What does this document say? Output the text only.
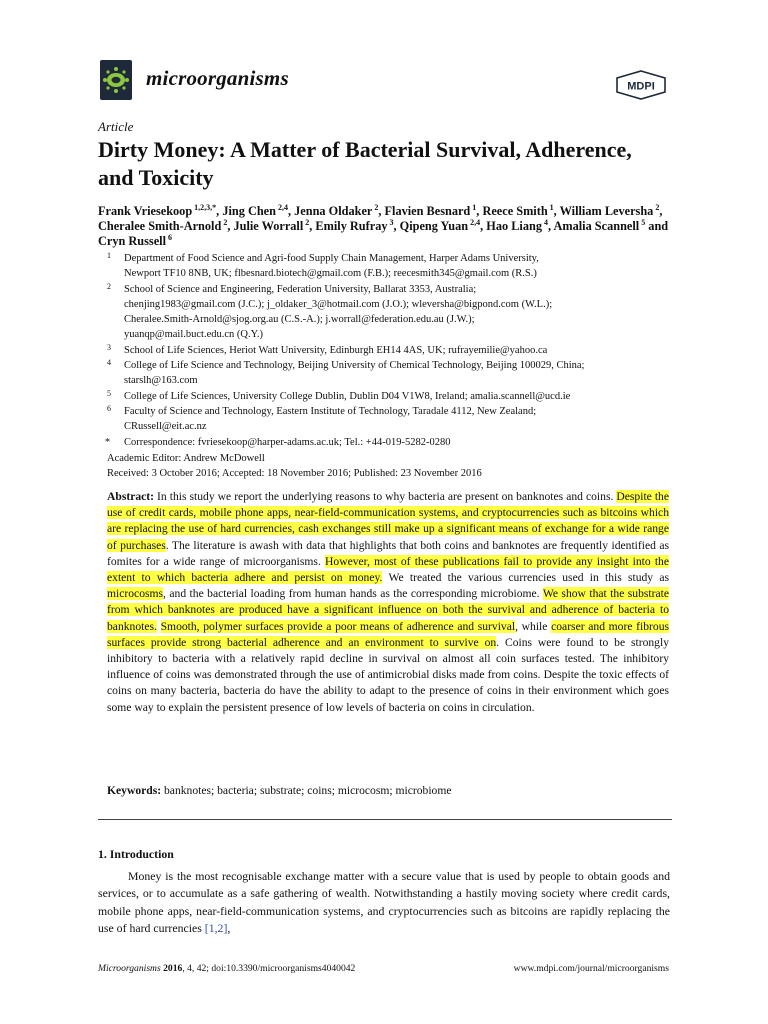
microorganisms	MDPI
Article
Dirty Money: A Matter of Bacterial Survival, Adherence, and Toxicity
Frank Vriesekoop $^{1,2,3,*}$, Jing Chen $^{2,4}$, Jenna Oldaker $^2$, Flavien Besnard $^1$, Reece Smith $^1$, William Leversha $^2$, Cheralee Smith-Arnold $^2$, Julie Worrall $^2$, Emily Rufray $^3$, Qipeng Yuan $^{2,4}$, Hao Liang $^4$, Amalia Scannell $^5$ and Cryn Russell $^6$
1 Department of Food Science and Agri-food Supply Chain Management, Harper Adams University,
Newport TF10 8NB, UK; flbesnard.biotech@gmail.com (F.B.); reecesmith345@gmail.com (R.S.)
2 School of Science and Engineering, Federation University, Ballarat 3353, Australia;
chenjing1983@gmail.com (J.C.); j_oldaker_3@hotmail.com (J.O.); wleversha@bigpond.com (W.L.);
Cheralee.Smith-Arnold@sjog.org.au (C.S.-A.); j.worrall@federation.edu.au (J.W.);
yuanqp@mail.buct.edu.cn (Q.Y.)
3 School of Life Sciences, Heriot Watt University, Edinburgh EH14 4AS, UK; rufrayemilie@yahoo.ca
4 College of Life Science and Technology, Beijing University of Chemical Technology, Beijing 100029, China;
starslh@163.com
5 College of Life Sciences, University College Dublin, Dublin D04 V1W8, Ireland; amalia.scannell@ucd.ie
6 Faculty of Science and Technology, Eastern Institute of Technology, Taradale 4112, New Zealand;
CRussell@eit.ac.nz
* Correspondence: fvriesekoop@harper-adams.ac.uk; Tel.: +44-019-5282-0280
Academic Editor: Andrew McDowell
Received: 3 October 2016; Accepted: 18 November 2016; Published: 23 November 2016

Abstract: In this study we report the underlying reasons to why bacteria are present on banknotes and coins. Despite the use of credit cards, mobile phone apps, near-field-communication systems, and cryptocurrencies such as bitcoins which are replacing the use of hard currencies, cash exchanges still make up a significant means of exchange for a wide range of purchases. The literature is awash with data that highlights that both coins and banknotes are frequently identified as fomites for a wide range of microorganisms. However, most of these publications fail to provide any insight into the extent to which bacteria adhere and persist on money. We treated the various currencies used in this study as microcosms, and the bacterial loading from human hands as the corresponding microbiome. We show that the substrate from which banknotes are produced have a significant influence on both the survival and adherence of bacteria to banknotes. Smooth, polymer surfaces provide a poor means of adherence and survival, while coarser and more fibrous surfaces provide strong bacterial adherence and an environment to survive on. Coins were found to be strongly inhibitory to bacteria with a relatively rapid decline in survival on almost all coin surfaces tested. The inhibitory influence of coins was demonstrated through the use of antimicrobial disks made from coins. Despite the toxic effects of coins on many bacteria, bacteria do have the ability to adapt to the presence of coins in their environment which goes some way to explain the persistent presence of low levels of bacteria on coins in circulation.

Keywords: banknotes; bacteria; substrate; coins; microcosm; microbiome
1. Introduction

Money is the most recognisable exchange matter with a secure value that is used by people to obtain goods and services, or to accumulate as a safe gathering of wealth. Notwithstanding a hastily moving society where credit cards, mobile phone apps, near-field-communication systems, and cryptocurrencies such as bitcoins are rapidly replacing the use of hard currencies [1,2],

Microorganisms 2016, 4, 42; doi:10.3390/microorganisms4040042	www.mdpi.com/journal/microorganisms
